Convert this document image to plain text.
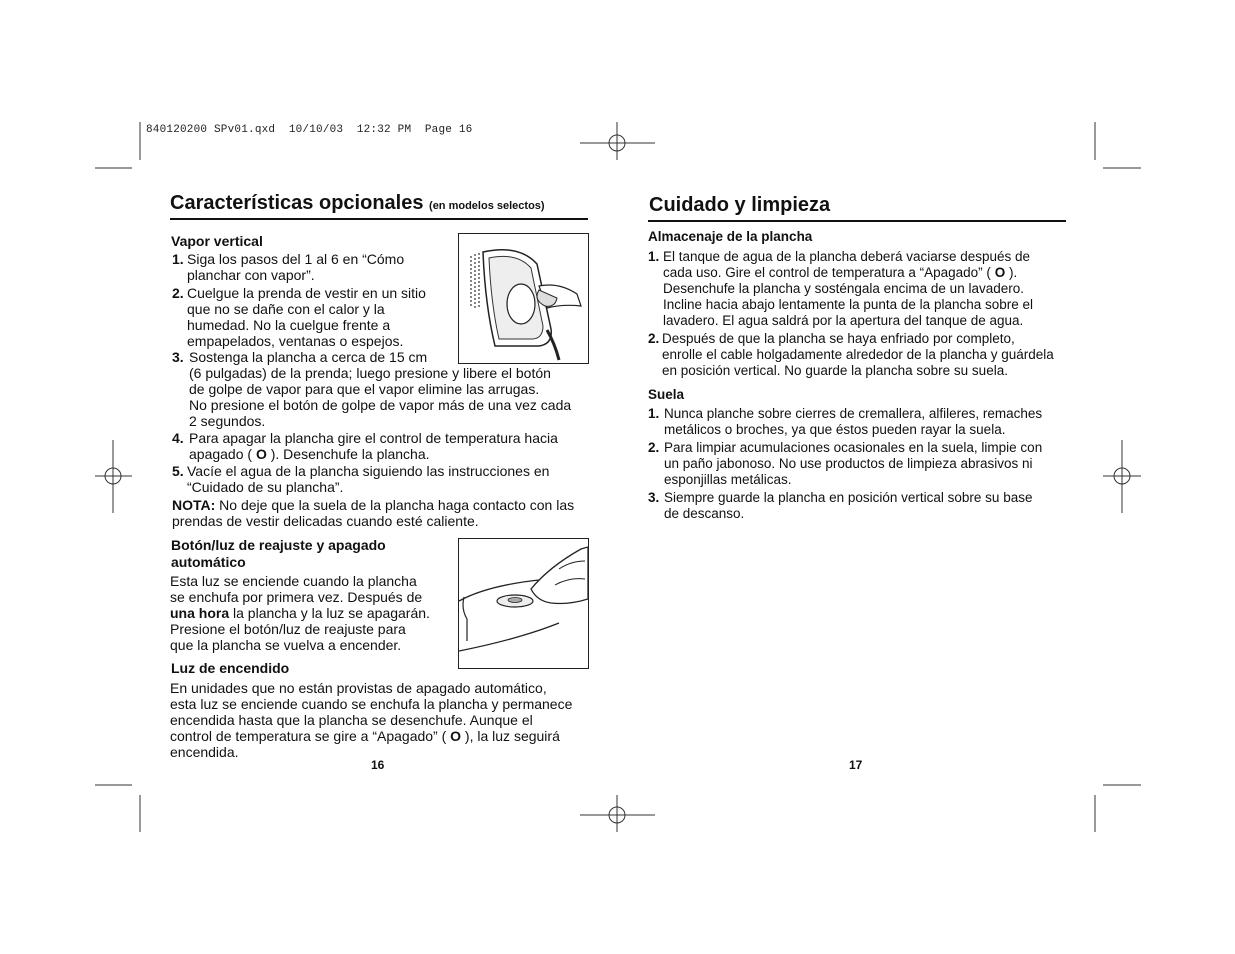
840120200 SPv01.qxd  10/10/03  12:32 PM  Page 16
Características opcionales (en modelos selectos)
Vapor vertical
1. Siga los pasos del 1 al 6 en “Cómo
planchar con vapor”.
2. Cuelgue la prenda de vestir en un sitio
que no se dañe con el calor y la
humedad. No la cuelgue frente a
empapelados, ventanas o espejos.
3. Sostenga la plancha a cerca de 15 cm
(6 pulgadas) de la prenda; luego presione y libere el botón
de golpe de vapor para que el vapor elimine las arrugas.
No presione el botón de golpe de vapor más de una vez cada
2 segundos.
4. Para apagar la plancha gire el control de temperatura hacia
apagado ( O ). Desenchufe la plancha.
5. Vacíe el agua de la plancha siguiendo las instrucciones en
“Cuidado de su plancha”.
NOTA: No deje que la suela de la plancha haga contacto con las
prendas de vestir delicadas cuando esté caliente.
Botón/luz de reajuste y apagado
automático
Esta luz se enciende cuando la plancha
se enchufa por primera vez. Después de
una hora la plancha y la luz se apagarán.
Presione el botón/luz de reajuste para
que la plancha se vuelva a encender.
Luz de encendido
En unidades que no están provistas de apagado automático,
esta luz se enciende cuando se enchufa la plancha y permanece
encendida hasta que la plancha se desenchufe. Aunque el
control de temperatura se gire a “Apagado” ( O ), la luz seguirá
encendida.
16
Cuidado y limpieza
Almacenaje de la plancha
1. El tanque de agua de la plancha deberá vaciarse después de
cada uso. Gire el control de temperatura a “Apagado” ( O ).
Desenchufe la plancha y sosténgala encima de un lavadero.
Incline hacia abajo lentamente la punta de la plancha sobre el
lavadero. El agua saldrá por la apertura del tanque de agua.
2. Después de que la plancha se haya enfriado por completo,
enrolle el cable holgadamente alrededor de la plancha y guárdela
en posición vertical. No guarde la plancha sobre su suela.
Suela
1. Nunca planche sobre cierres de cremallera, alfileres, remaches
metálicos o broches, ya que éstos pueden rayar la suela.
2. Para limpiar acumulaciones ocasionales en la suela, limpie con
un paño jabonoso. No use productos de limpieza abrasivos ni
esponjillas metálicas.
3. Siempre guarde la plancha en posición vertical sobre su base
de descanso.
17
